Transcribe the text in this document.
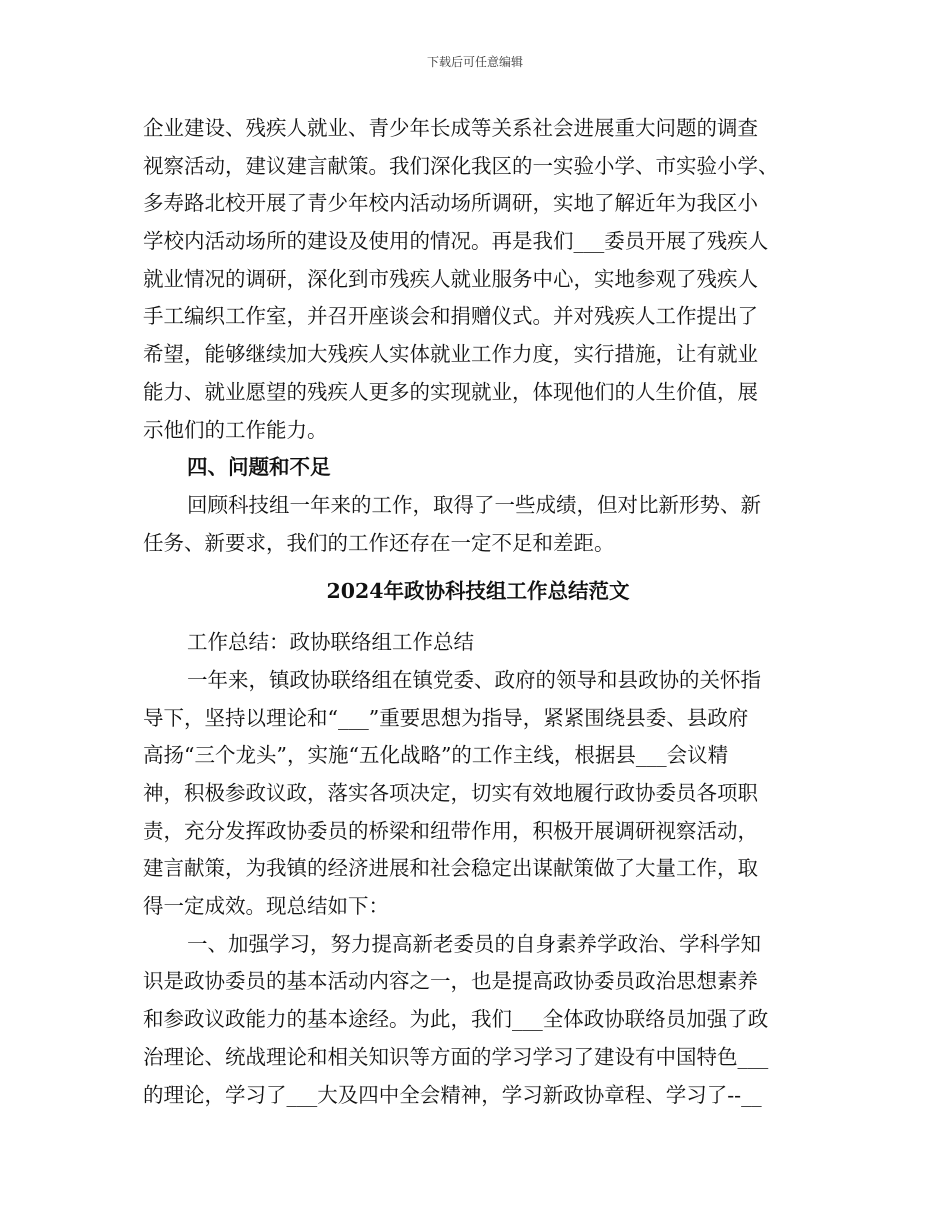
下载后可任意编辑
企业建设、残疾人就业、青少年长成等关系社会进展重大问题的调查
视察活动，建议建言献策。我们深化我区的一实验小学、市实验小学、
多寿路北校开展了青少年校内活动场所调研，实地了解近年为我区小
学校内活动场所的建设及使用的情况。再是我们___委员开展了残疾人
就业情况的调研，深化到市残疾人就业服务中心，实地参观了残疾人
手工编织工作室，并召开座谈会和捐赠仪式。并对残疾人工作提出了
希望，能够继续加大残疾人实体就业工作力度，实行措施，让有就业
能力、就业愿望的残疾人更多的实现就业，体现他们的人生价值，展
示他们的工作能力。
四、问题和不足
回顾科技组一年来的工作，取得了一些成绩，但对比新形势、新
任务、新要求，我们的工作还存在一定不足和差距。
2024年政协科技组工作总结范文
工作总结：政协联络组工作总结
一年来，镇政协联络组在镇党委、政府的领导和县政协的关怀指
导下，坚持以理论和“___”重要思想为指导，紧紧围绕县委、县政府
高扬“三个龙头”，实施“五化战略”的工作主线，根据县___会议精
神，积极参政议政，落实各项决定，切实有效地履行政协委员各项职
责，充分发挥政协委员的桥梁和纽带作用，积极开展调研视察活动，
建言献策，为我镇的经济进展和社会稳定出谋献策做了大量工作，取
得一定成效。现总结如下：
一、加强学习，努力提高新老委员的自身素养学政治、学科学知
识是政协委员的基本活动内容之一，也是提高政协委员政治思想素养
和参政议政能力的基本途经。为此，我们___全体政协联络员加强了政
治理论、统战理论和相关知识等方面的学习学习了建设有中国特色___
的理论，学习了___大及四中全会精神，学习新政协章程、学习了--__
